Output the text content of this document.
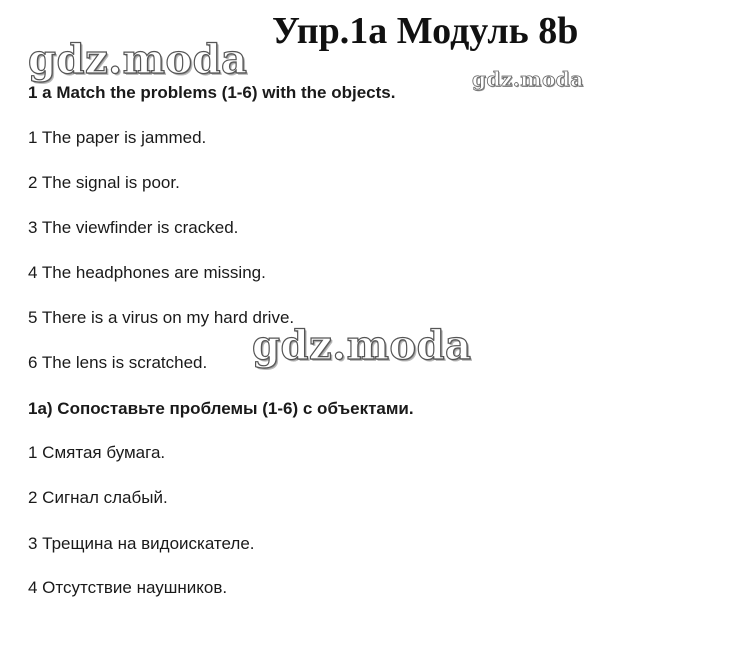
Упр.1a Модуль 8b
gdz.moda	gdz.moda
1 a Match the problems (1-6) with the objects.
1 The paper is jammed.
2 The signal is poor.
3 The viewfinder is cracked.
4 The headphones are missing.
5 There is a virus on my hard drive.
6 The lens is scratched. gdz.moda
1a) Сопоставьте проблемы (1-6) с объектами.
1 Смятая бумага.
2 Сигнал слабый.
3 Трещина на видоискателе.
4 Отсутствие наушников.
